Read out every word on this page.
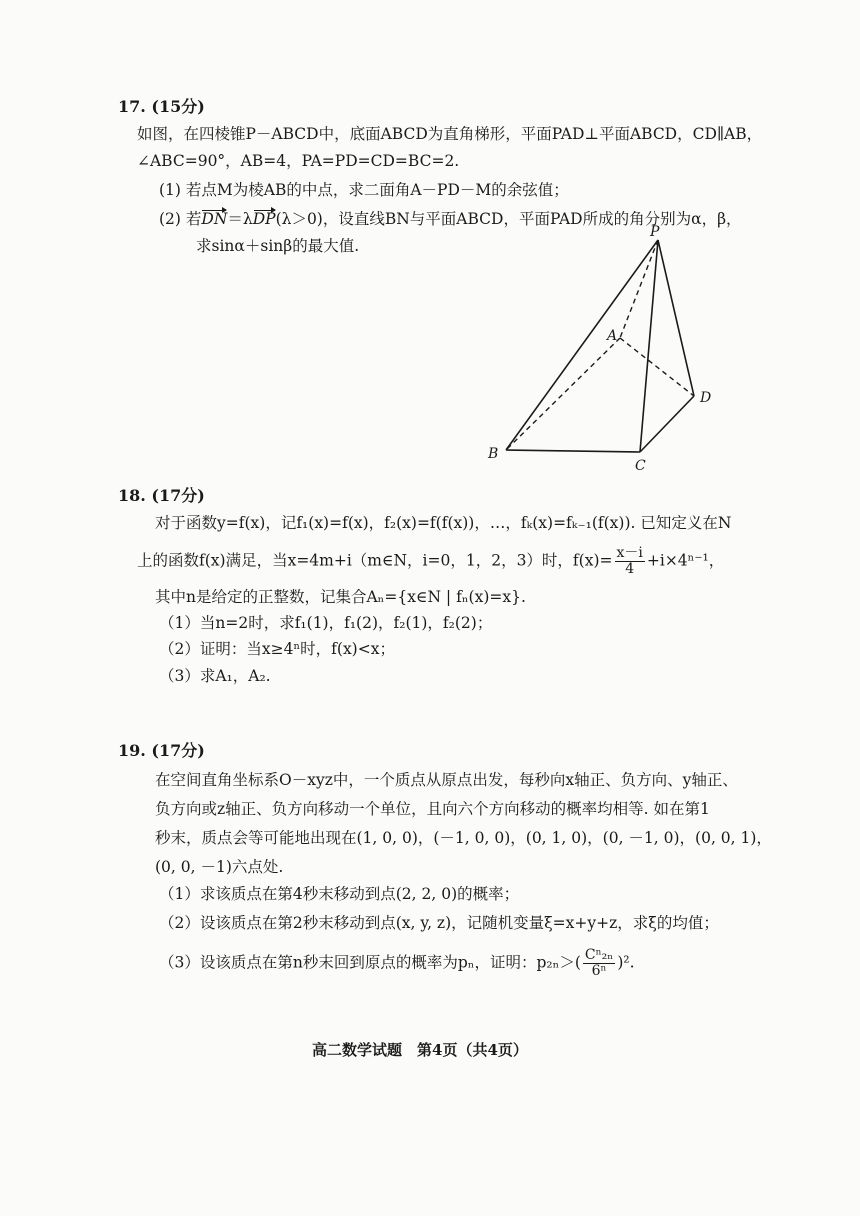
17. (15分)
如图，在四棱锥P－ABCD中，底面ABCD为直角梯形，平面PAD⊥平面ABCD，CD∥AB，
∠ABC=90°，AB=4，PA=PD=CD=BC=2.
(1) 若点M为棱AB的中点，求二面角A－PD－M的余弦值；
(2) 若DN＝λDP(λ＞0)，设直线BN与平面ABCD，平面PAD所成的角分别为α，β，
求sinα＋sinβ的最大值.
P
A
B
C
D
18. (17分)
对于函数y=f(x)，记f₁(x)=f(x)，f₂(x)=f(f(x))，…，fₖ(x)=fₖ₋₁(f(x)). 已知定义在N
上的函数f(x)满足，当x=4m+i（m∈N，i=0，1，2，3）时，$f(x)= \frac{x-i}{4} +i\times 4^{n-1}$，
其中n是给定的正整数，记集合Aₙ={x∈N | fₙ(x)=x}.
（1）当n=2时，求f₁(1)，f₁(2)，f₂(1)，f₂(2)；
（2）证明：当x≥4ⁿ时，f(x)<x；
（3）求A₁，A₂.
19. (17分)
在空间直角坐标系O－xyz中，一个质点从原点出发，每秒向x轴正、负方向、y轴正、
负方向或z轴正、负方向移动一个单位，且向六个方向移动的概率均相等. 如在第1
秒末，质点会等可能地出现在(1, 0, 0)，(－1, 0, 0)，(0, 1, 0)，(0, －1, 0)，(0, 0, 1)，
(0, 0, －1)六点处.
（1）求该质点在第4秒末移动到点(2, 2, 0)的概率；
（2）设该质点在第2秒末移动到点(x, y, z)，记随机变量ξ=x+y+z，求ξ的均值；
（3）设该质点在第n秒末回到原点的概率为pₙ，证明：$p_{2n}>( \frac{\text{Cⁿ₂ₙ}}{\text{6ⁿ}} )^2$.
高二数学试题　第4页（共4页）
